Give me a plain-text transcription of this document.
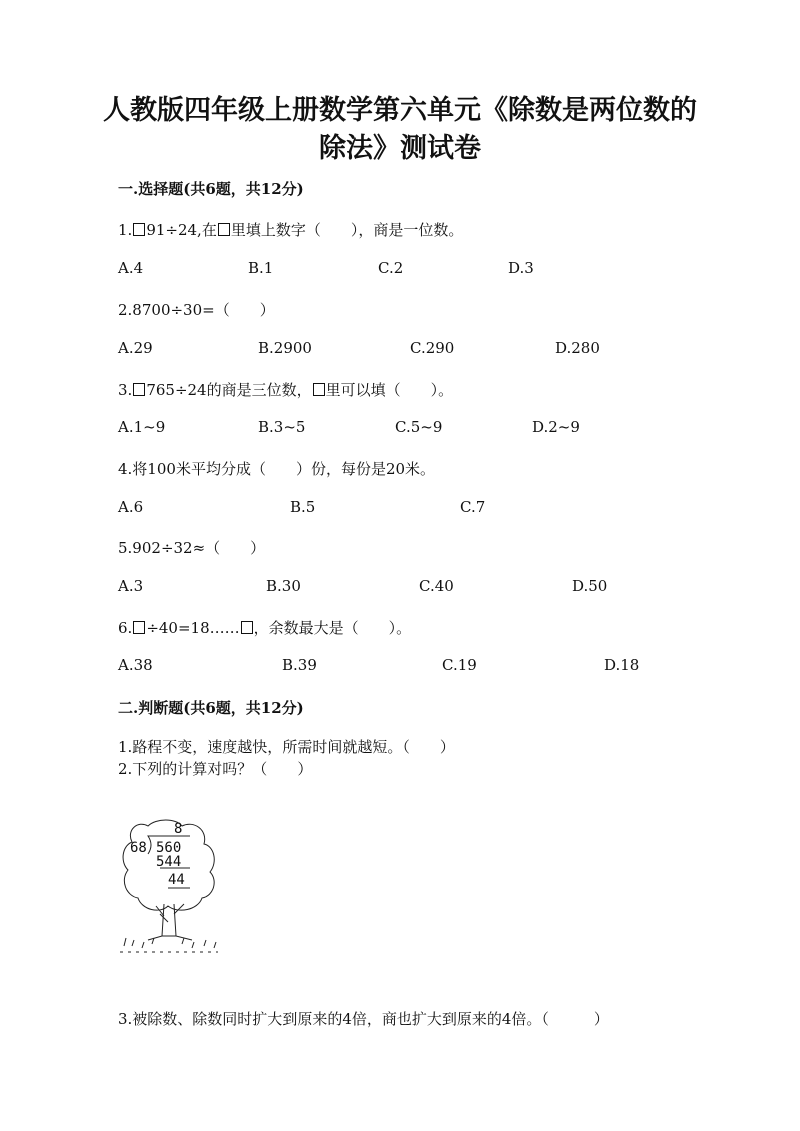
人教版四年级上册数学第六单元《除数是两位数的
除法》测试卷
一.选择题(共6题，共12分)
1. 91÷24,在 里填上数字（　　），商是一位数。
A.4	B.1	C.2	D.3
2.8700÷30=（　　）
A.29	B.2900	C.290	D.280
3. 765÷24的商是三位数， 里可以填（　　）。
A.1~9	B.3~5	C.5~9	D.2~9
4.将100米平均分成（　　）份，每份是20米。
A.6	B.5	C.7
5.902÷32≈（　　）
A.3	B.30	C.40	D.50
6. ÷40=18…… ，余数最大是（　　）。
A.38	B.39	C.19	D.18
二.判断题(共6题，共12分)
1.路程不变，速度越快，所需时间就越短。（　　）
2.下列的计算对吗？（　　）
8
68 560
544
44
3.被除数、除数同时扩大到原来的4倍，商也扩大到原来的4倍。（　　　）
